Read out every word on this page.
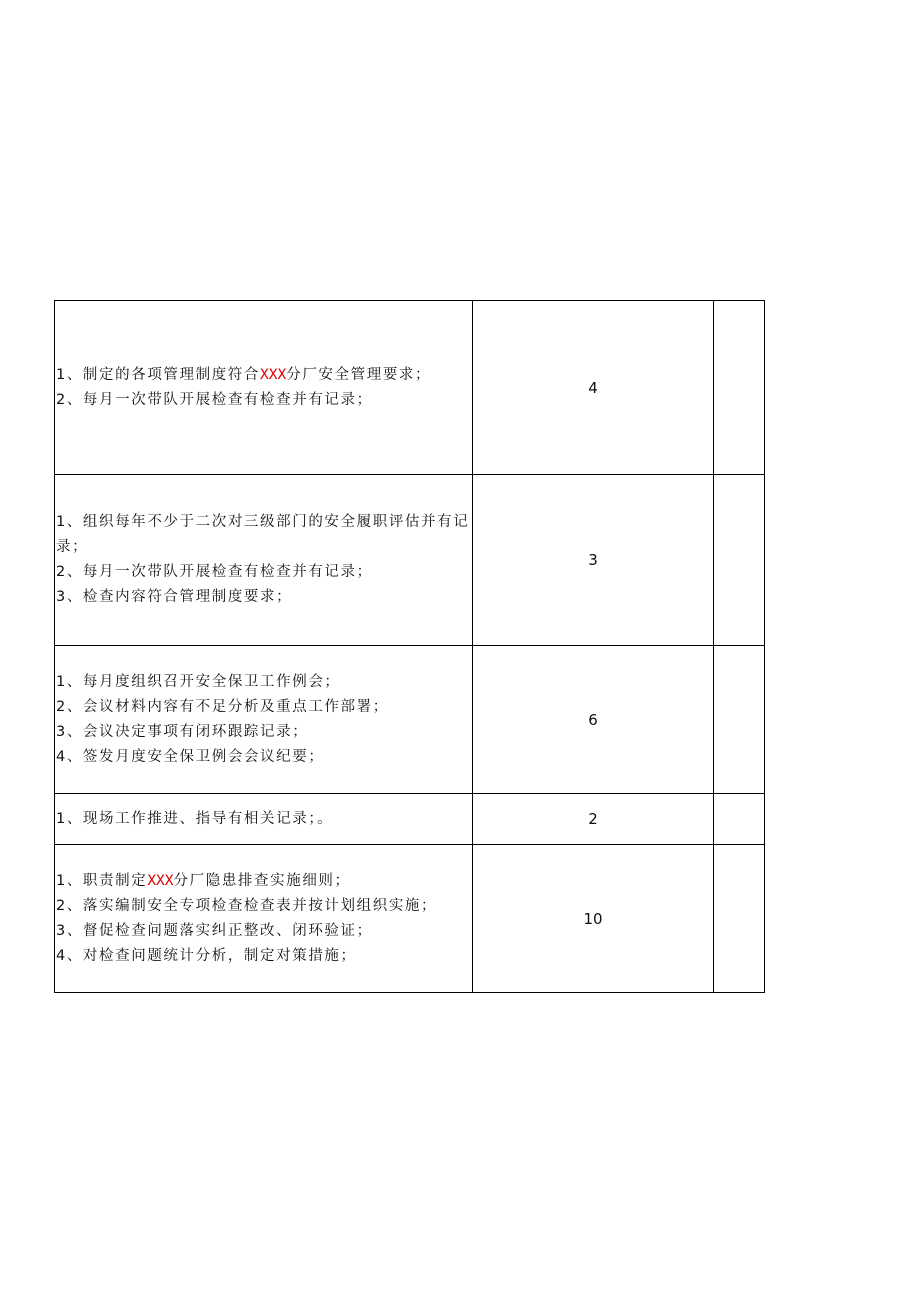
1、制定的各项管理制度符合XXX分厂安全管理要求；
2、每月一次带队开展检查有检查并有记录；	4	

1、组织每年不少于二次对三级部门的安全履职评估并有记录；
2、每月一次带队开展检查有检查并有记录；
3、检查内容符合管理制度要求；	3	

1、每月度组织召开安全保卫工作例会；
2、会议材料内容有不足分析及重点工作部署；
3、会议决定事项有闭环跟踪记录；
4、签发月度安全保卫例会会议纪要；	6	

1、现场工作推进、指导有相关记录；。	2	

1、职责制定XXX分厂隐患排查实施细则；
2、落实编制安全专项检查检查表并按计划组织实施；
3、督促检查问题落实纠正整改、闭环验证；
4、对检查问题统计分析，制定对策措施；	10	
